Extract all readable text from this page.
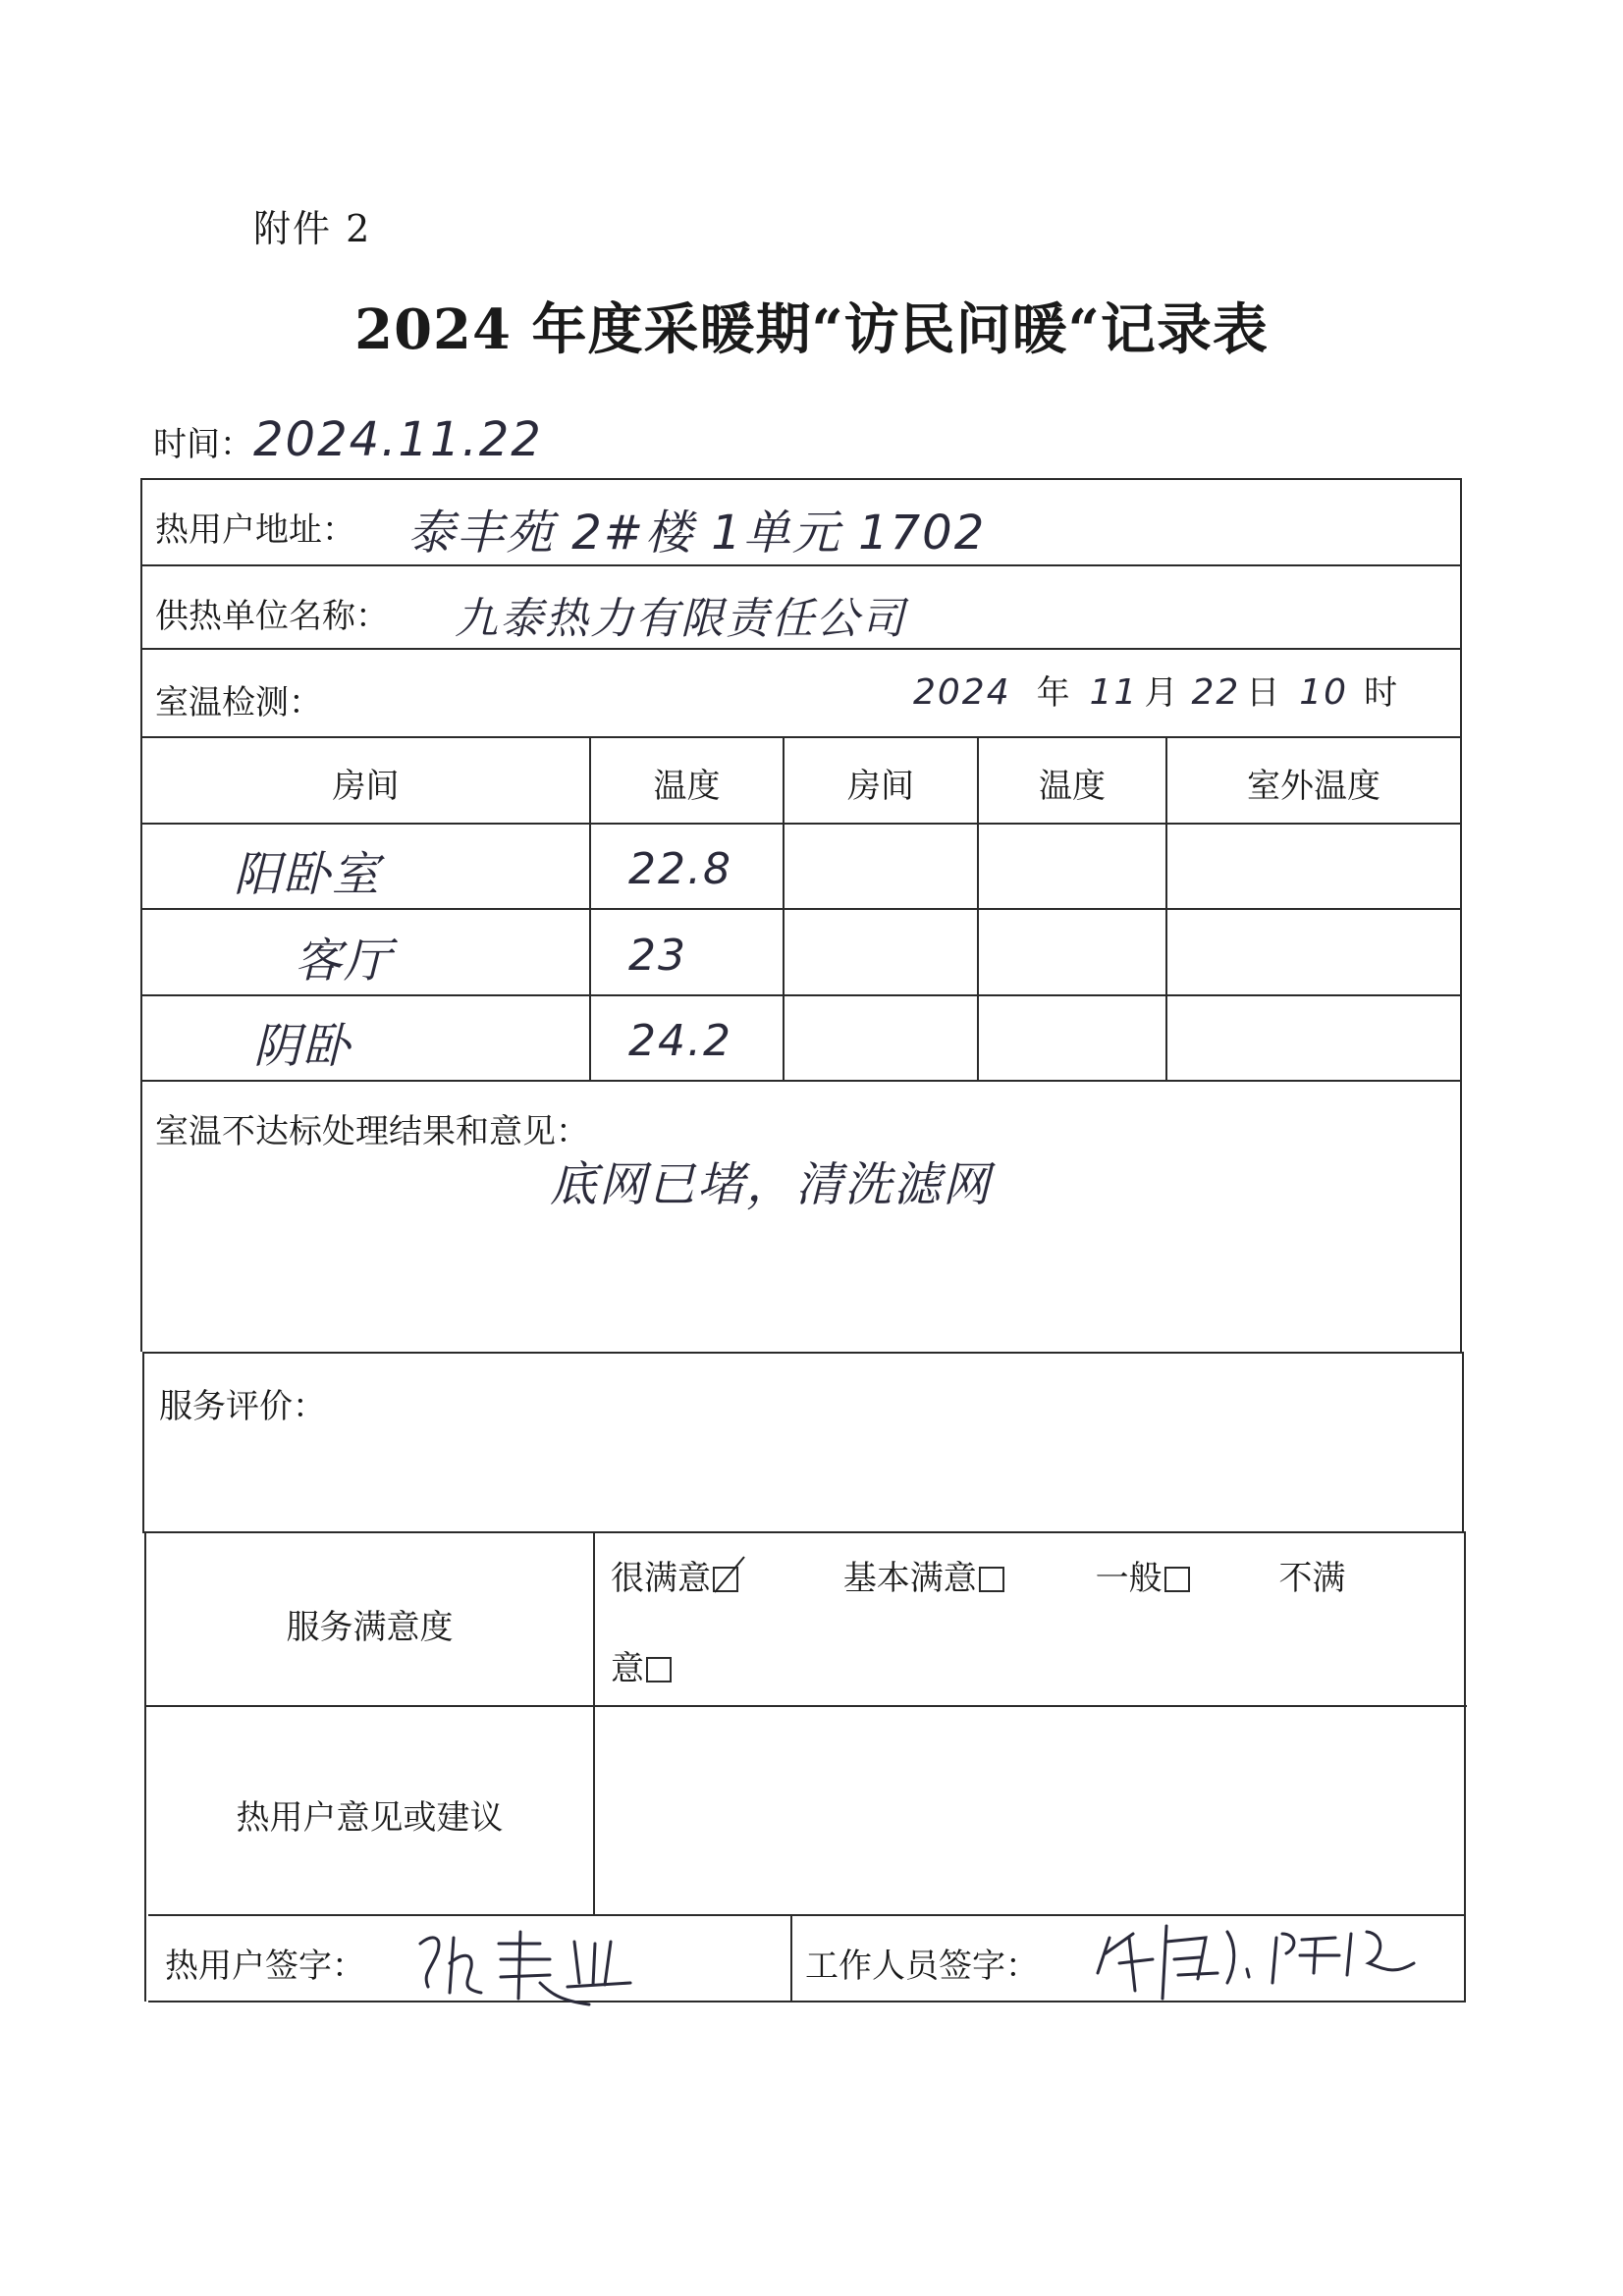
附件 2
2024 年度采暖期“访民问暖“记录表
时间： 2024.11.22
热用户地址： 泰丰苑 2#楼 1单元 1702
供热单位名称： 九泰热力有限责任公司
室温检测：	2024 年 11 月 22 日 10 时
房间	温度	房间	温度	室外温度
阳卧室	22.8
客厅	23
阴卧	24.2
室温不达标处理结果和意见：
底网已堵，清洗滤网
服务评价：
服务满意度
很满意	基本满意	一般	不满
意
热用户意见或建议
热用户签字：	工作人员签字：
